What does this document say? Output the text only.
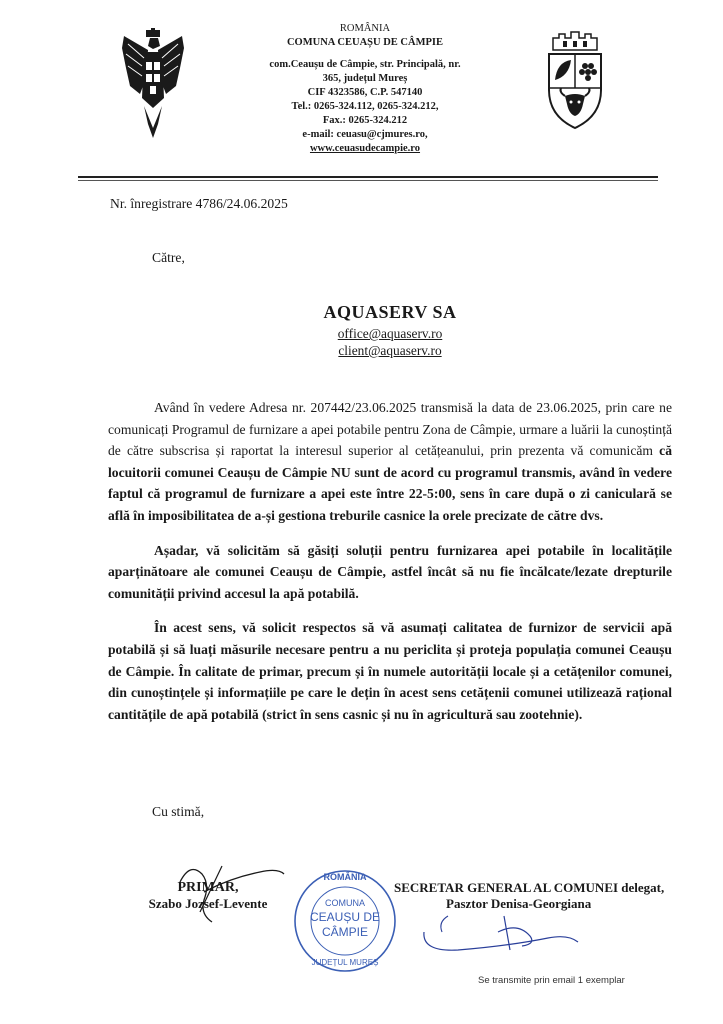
ROMÂNIA
COMUNA CEUAȘU DE CÂMPIE
com.Ceaușu de Câmpie, str. Principală, nr.
365, județul Mureș
CIF 4323586, C.P. 547140
Tel.: 0265-324.112, 0265-324.212,
Fax.: 0265-324.212
e-mail: ceuasu@cjmures.ro,
www.ceuasudecampie.ro
Nr. înregistrare 4786/24.06.2025
Către,
AQUASERV SA
office@aquaserv.ro
client@aquaserv.ro

Având în vedere Adresa nr. 207442/23.06.2025 transmisă la data de 23.06.2025, prin care ne comunicați Programul de furnizare a apei potabile pentru Zona de Câmpie, urmare a luării la cunoștință de către subscrisa și raportat la interesul superior al cetățeanului, prin prezenta vă comunicăm că locuitorii comunei Ceaușu de Câmpie NU sunt de acord cu programul transmis, având în vedere faptul că programul de furnizare a apei este între 22-5:00, sens în care după o zi caniculară se află în imposibilitatea de a-și gestiona treburile casnice la orele precizate de către dvs.

Așadar, vă solicităm să găsiți soluții pentru furnizarea apei potabile în localitățile aparținătoare ale comunei Ceaușu de Câmpie, astfel încât să nu fie încălcate/lezate drepturile comunității privind accesul la apă potabilă.

În acest sens, vă solicit respectos să vă asumați calitatea de furnizor de servicii apă potabilă și să luați măsurile necesare pentru a nu periclita și proteja populația comunei Ceaușu de Câmpie. În calitate de primar, precum și în numele autorității locale și a cetățenilor comunei, din cunoștințele și informațiile pe care le dețin în acest sens cetățenii comunei utilizează rațional cantitățile de apă potabilă (strict în sens casnic și nu în agricultură sau zootehnie).

Cu stimă,
PRIMAR,
Szabo Jozsef-Levente
ROMÂNIA
COMUNA
CEAUȘU DE
CÂMPIE
JUDEȚUL MUREȘ
SECRETAR GENERAL AL COMUNEI delegat,
Pasztor Denisa-Georgiana
Se transmite prin email 1 exemplar
